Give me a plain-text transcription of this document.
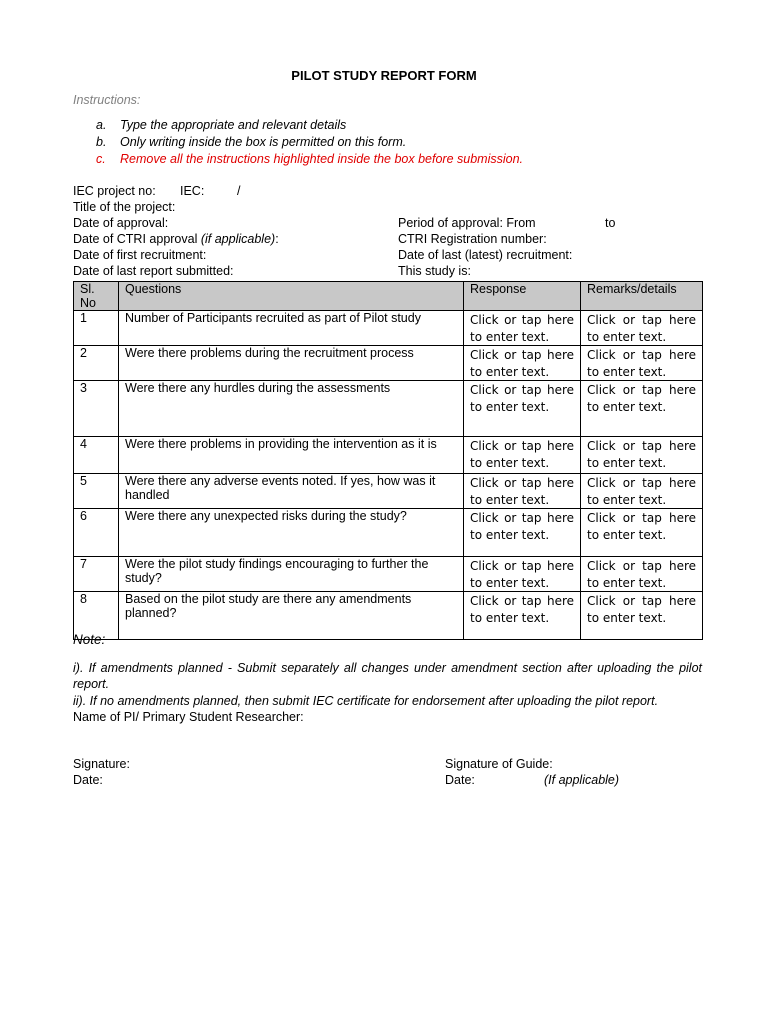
PILOT STUDY REPORT FORM
Instructions:
a. Type the appropriate and relevant details
b. Only writing inside the box is permitted on this form.
c. Remove all the instructions highlighted inside the box before submission.
IEC project no: IEC:	/
Title of the project:
Date of approval:	Period of approval: From	to
Date of CTRI approval (if applicable):	CTRI Registration number:
Date of first recruitment:	Date of last (latest) recruitment:
Date of last report submitted:	This study is:
Sl. No	Questions	Response	Remarks/details
1	Number of Participants recruited as part of Pilot study	Click or tap here to enter text.	Click or tap here to enter text.
2	Were there problems during the recruitment process	Click or tap here to enter text.	Click or tap here to enter text.
3	Were there any hurdles during the assessments	Click or tap here to enter text.	Click or tap here to enter text.
4	Were there problems in providing the intervention as it is	Click or tap here to enter text.	Click or tap here to enter text.
5	Were there any adverse events noted. If yes, how was it handled	Click or tap here to enter text.	Click or tap here to enter text.
6	Were there any unexpected risks during the study?	Click or tap here to enter text.	Click or tap here to enter text.
7	Were the pilot study findings encouraging to further the study?	Click or tap here to enter text.	Click or tap here to enter text.
8	Based on the pilot study are there any amendments planned?	Click or tap here to enter text.	Click or tap here to enter text.
Note:
i). If amendments planned - Submit separately all changes under amendment section after uploading the pilot report.
ii). If no amendments planned, then submit IEC certificate for endorsement after uploading the pilot report.
Name of PI/ Primary Student Researcher:
Signature:
Date:
Signature of Guide:
Date:	(If applicable)
